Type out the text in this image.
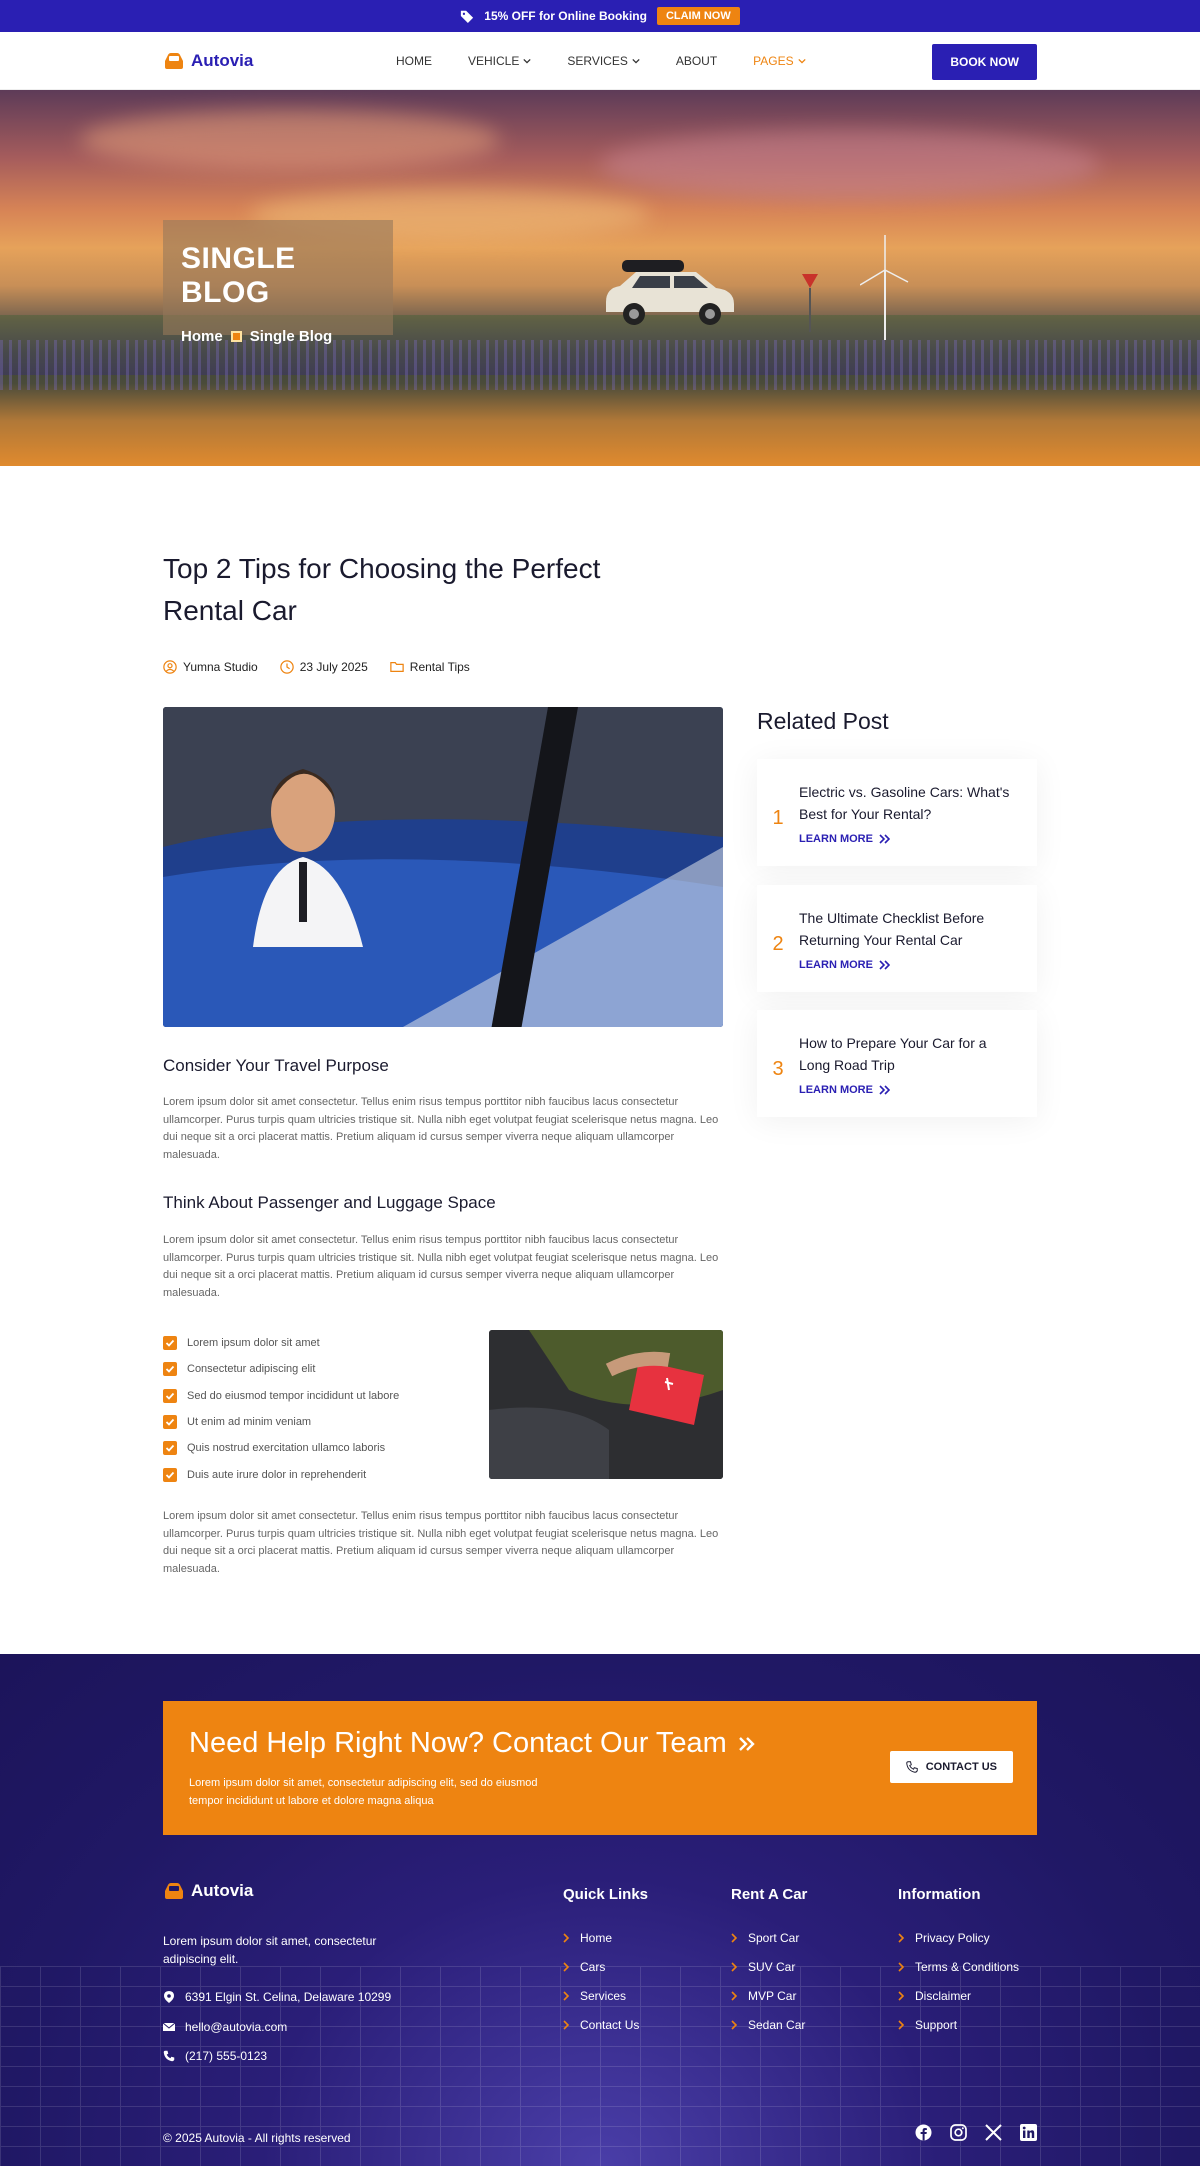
15% OFF for Online Booking	CLAIM NOW
Autovia	HOME	VEHICLE	SERVICES	ABOUT	PAGES	BOOK NOW
SINGLE BLOG
Home Single Blog
Top 2 Tips for Choosing the Perfect Rental Car
Yumna Studio	23 July 2025	Rental Tips
Consider Your Travel Purpose

Lorem ipsum dolor sit amet consectetur. Tellus enim risus tempus porttitor nibh faucibus lacus consectetur ullamcorper. Purus turpis quam ultricies tristique sit. Nulla nibh eget volutpat feugiat scelerisque netus magna. Leo dui neque sit a orci placerat mattis. Pretium aliquam id cursus semper viverra neque aliquam ullamcorper malesuada.

Think About Passenger and Luggage Space

Lorem ipsum dolor sit amet consectetur. Tellus enim risus tempus porttitor nibh faucibus lacus consectetur ullamcorper. Purus turpis quam ultricies tristique sit. Nulla nibh eget volutpat feugiat scelerisque netus magna. Leo dui neque sit a orci placerat mattis. Pretium aliquam id cursus semper viverra neque aliquam ullamcorper malesuada.

Lorem ipsum dolor sit amet
Consectetur adipiscing elit
Sed do eiusmod tempor incididunt ut labore
Ut enim ad minim veniam
Quis nostrud exercitation ullamco laboris
Duis aute irure dolor in reprehenderit

Lorem ipsum dolor sit amet consectetur. Tellus enim risus tempus porttitor nibh faucibus lacus consectetur ullamcorper. Purus turpis quam ultricies tristique sit. Nulla nibh eget volutpat feugiat scelerisque netus magna. Leo dui neque sit a orci placerat mattis. Pretium aliquam id cursus semper viverra neque aliquam ullamcorper malesuada.

Related Post
1
Electric vs. Gasoline Cars: What's Best for Your Rental?
LEARN MORE
2
The Ultimate Checklist Before Returning Your Rental Car
LEARN MORE
3
How to Prepare Your Car for a Long Road Trip
LEARN MORE
Need Help Right Now? Contact Our Team
Lorem ipsum dolor sit amet, consectetur adipiscing elit, sed do eiusmod tempor incididunt ut labore et dolore magna aliqua
CONTACT US
Autovia
Lorem ipsum dolor sit amet, consectetur adipiscing elit.
6391 Elgin St. Celina, Delaware 10299
hello@autovia.com
(217) 555-0123
Quick Links
Home
Cars
Services
Contact Us
Rent A Car
Sport Car
SUV Car
MVP Car
Sedan Car
Information
Privacy Policy
Terms & Conditions
Disclaimer
Support
© 2025 Autovia - All rights reserved
